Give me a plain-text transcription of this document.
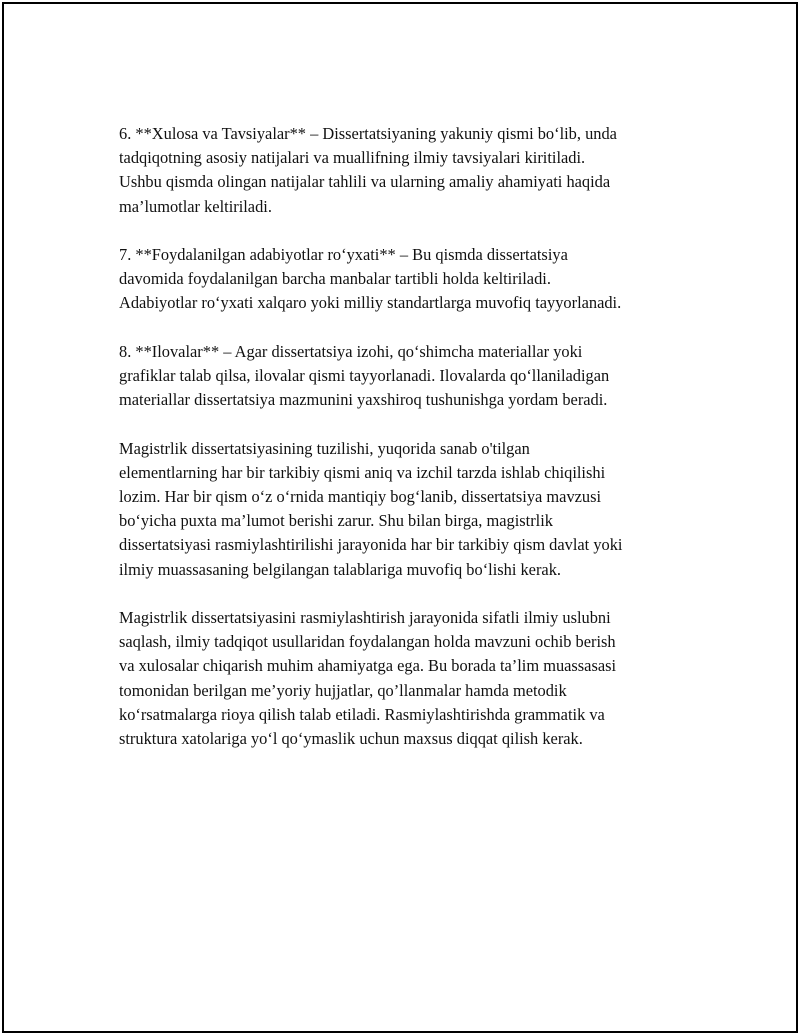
6. **Xulosa va Tavsiyalar** – Dissertatsiyaning yakuniy qismi bo‘lib, unda
tadqiqotning asosiy natijalari va muallifning ilmiy tavsiyalari kiritiladi.
Ushbu qismda olingan natijalar tahlili va ularning amaliy ahamiyati haqida
ma’lumotlar keltiriladi.

7. **Foydalanilgan adabiyotlar ro‘yxati** – Bu qismda dissertatsiya
davomida foydalanilgan barcha manbalar tartibli holda keltiriladi.
Adabiyotlar ro‘yxati xalqaro yoki milliy standartlarga muvofiq tayyorlanadi.

8. **Ilovalar** – Agar dissertatsiya izohi, qo‘shimcha materiallar yoki
grafiklar talab qilsa, ilovalar qismi tayyorlanadi. Ilovalarda qo‘llaniladigan
materiallar dissertatsiya mazmunini yaxshiroq tushunishga yordam beradi.

Magistrlik dissertatsiyasining tuzilishi, yuqorida sanab o'tilgan
elementlarning har bir tarkibiy qismi aniq va izchil tarzda ishlab chiqilishi
lozim. Har bir qism o‘z o‘rnida mantiqiy bog‘lanib, dissertatsiya mavzusi
bo‘yicha puxta ma’lumot berishi zarur. Shu bilan birga, magistrlik
dissertatsiyasi rasmiylashtirilishi jarayonida har bir tarkibiy qism davlat yoki
ilmiy muassasaning belgilangan talablariga muvofiq bo‘lishi kerak.

Magistrlik dissertatsiyasini rasmiylashtirish jarayonida sifatli ilmiy uslubni
saqlash, ilmiy tadqiqot usullaridan foydalangan holda mavzuni ochib berish
va xulosalar chiqarish muhim ahamiyatga ega. Bu borada ta’lim muassasasi
tomonidan berilgan me’yoriy hujjatlar, qo’llanmalar hamda metodik
ko‘rsatmalarga rioya qilish talab etiladi. Rasmiylashtirishda grammatik va
struktura xatolariga yo‘l qo‘ymaslik uchun maxsus diqqat qilish kerak.
